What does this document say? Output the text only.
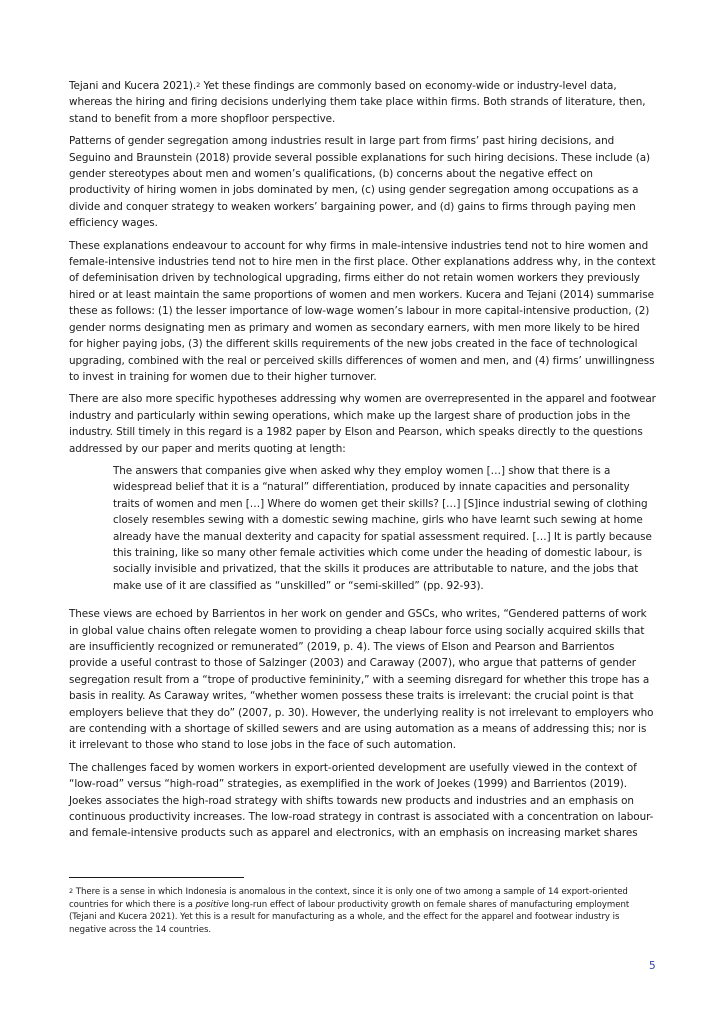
Tejani and Kucera 2021).$^2$ Yet these findings are commonly based on economy-wide or industry-level data, whereas the hiring and firing decisions underlying them take place within firms. Both strands of literature, then, stand to benefit from a more shopfloor perspective.

Patterns of gender segregation among industries result in large part from firms’ past hiring decisions, and Seguino and Braunstein (2018) provide several possible explanations for such hiring decisions. These include (a) gender stereotypes about men and women’s qualifications, (b) concerns about the negative effect on productivity of hiring women in jobs dominated by men, (c) using gender segregation among occupations as a divide and conquer strategy to weaken workers’ bargaining power, and (d) gains to firms through paying men efficiency wages.

These explanations endeavour to account for why firms in male-intensive industries tend not to hire women and female-intensive industries tend not to hire men in the first place. Other explanations address why, in the context of defeminisation driven by technological upgrading, firms either do not retain women workers they previously hired or at least maintain the same proportions of women and men workers. Kucera and Tejani (2014) summarise these as follows: (1) the lesser importance of low-wage women’s labour in more capital-intensive production, (2) gender norms designating men as primary and women as secondary earners, with men more likely to be hired for higher paying jobs, (3) the different skills requirements of the new jobs created in the face of technological upgrading, combined with the real or perceived skills differences of women and men, and (4) firms’ unwillingness to invest in training for women due to their higher turnover.

There are also more specific hypotheses addressing why women are overrepresented in the apparel and footwear industry and particularly within sewing operations, which make up the largest share of production jobs in the industry. Still timely in this regard is a 1982 paper by Elson and Pearson, which speaks directly to the questions addressed by our paper and merits quoting at length:

The answers that companies give when asked why they employ women […] show that there is a widespread belief that it is a “natural” differentiation, produced by innate capacities and personality traits of women and men […] Where do women get their skills? […] [S]ince industrial sewing of clothing closely resembles sewing with a domestic sewing machine, girls who have learnt such sewing at home already have the manual dexterity and capacity for spatial assessment required. […] It is partly because this training, like so many other female activities which come under the heading of domestic labour, is socially invisible and privatized, that the skills it produces are attributable to nature, and the jobs that make use of it are classified as “unskilled” or “semi-skilled” (pp. 92-93).

These views are echoed by Barrientos in her work on gender and GSCs, who writes, “Gendered patterns of work in global value chains often relegate women to providing a cheap labour force using socially acquired skills that are insufficiently recognized or remunerated” (2019, p. 4). The views of Elson and Pearson and Barrientos provide a useful contrast to those of Salzinger (2003) and Caraway (2007), who argue that patterns of gender segregation result from a “trope of productive femininity,” with a seeming disregard for whether this trope has a basis in reality. As Caraway writes, “whether women possess these traits is irrelevant: the crucial point is that employers believe that they do” (2007, p. 30). However, the underlying reality is not irrelevant to employers who are contending with a shortage of skilled sewers and are using automation as a means of addressing this; nor is it irrelevant to those who stand to lose jobs in the face of such automation.

The challenges faced by women workers in export-oriented development are usefully viewed in the context of “low-road” versus “high-road” strategies, as exemplified in the work of Joekes (1999) and Barrientos (2019). Joekes associates the high-road strategy with shifts towards new products and industries and an emphasis on continuous productivity increases. The low-road strategy in contrast is associated with a concentration on labour- and female-intensive products such as apparel and electronics, with an emphasis on increasing market shares

$^2$ There is a sense in which Indonesia is anomalous in the context, since it is only one of two among a sample of 14 export-oriented countries for which there is a positive long-run effect of labour productivity growth on female shares of manufacturing employment (Tejani and Kucera 2021). Yet this is a result for manufacturing as a whole, and the effect for the apparel and footwear industry is negative across the 14 countries.
5
